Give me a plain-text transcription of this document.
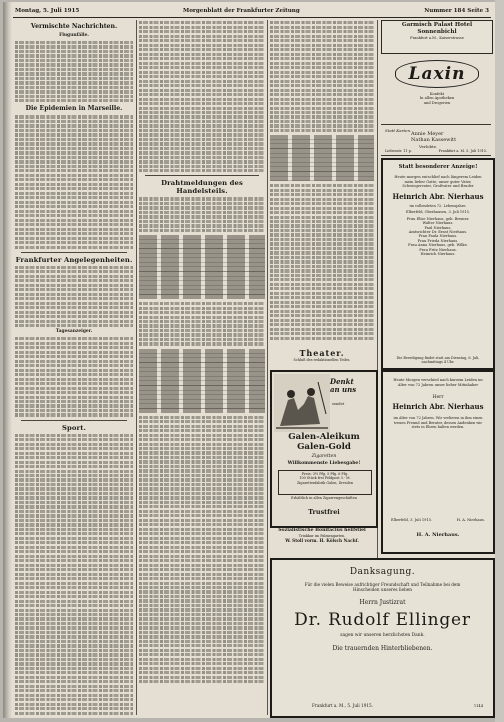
Montag, 5. Juli 1915	Morgenblatt der Frankfurter Zeitung	Nummer 184 Seite 3
Vermischte Nachrichten.
Flugunfälle.

Die Epidemien in Marseille.

Frankfurter Angelegenheiten.

Tagesanzeiger.

Sport.

Drahtmeldungen des Handelsteils.

Theater.
Schluß des redaktionellen Teiles.
Denkt
an uns
sendet
Galen-Aleikum
Galen-Gold
Zigaretten
Willkommenste Liebesgabe!
Preis: 3½ Pfg. 5 Pfg. 6 Pfg.
100 Stück frei Feldpost 3.- M.
Zigarettenfabrik Galen, Dresden
Erhältlich in allen Zigarrengeschäften
Trustfrei
Sozialistische Bonifacius hellStiel
Trinkkur im Palmengarten.
W. Stoll vorm. H. Kölsch Nachf.
Garmisch Palast Hotel Sonnenbichl
Frankfurt a.M., Kaiserstrasse
Laxin

Konfekt

In allen Apotheken

und Drogerien

Statt Karten.
Annie Meyer
Nathan Kassewitt
Verlobte.
Liebenstr. 11 p.	Frankfurt a. M. 5. Juli 1915.
Statt besonderer Anzeige!
Heute morgen entschlief nach längerem Leiden mein lieber Gatte, unser guter Vater, Schwiegervater, Großvater und Bruder
Heinrich Abr. Nierhaus
im vollendeten 72. Lebensjahre.
Elberfeld, Oberhausen, 3. Juli 1915.

Frau Elise Nierhaus, geb. Bremer.

Walter Nierhaus.

Paul Nierhaus.

Amtsrichter Dr. Ernst Nierhaus.

Frau Paula Nierhaus.

Frau Frieda Nierhaus.

Frau Anna Nierhaus, geb. Wilke.

Frau Fritz Nierhaus.

Heinrich Nierhaus.

Die Beerdigung findet statt am Dienstag, 6. Juli, nachmittags 4 Uhr.
Heute Morgen verschied nach kurzem Leiden im Alter von 72 Jahren unser lieber Mitinhaber
Herr
Heinrich Abr. Nierhaus
im Alter von 72 Jahren. Wir verlieren in ihm einen treuen Freund und Berater, dessen Andenken wir stets in Ehren halten werden.
Elberfeld, 3. Juli 1915.	H. A. Nierhaus.
H. A. Nierhaus.
Danksagung.
Für die vielen Beweise aufrichtiger Freundschaft und Teilnahme bei dem Hinscheiden unseres lieben
Herrn Justizrat
Dr. Rudolf Ellinger
sagen wir unseren herzlichsten Dank.
Die trauernden Hinterbliebenen.
Frankfurt a. M., 5. Juli 1915.	1144
